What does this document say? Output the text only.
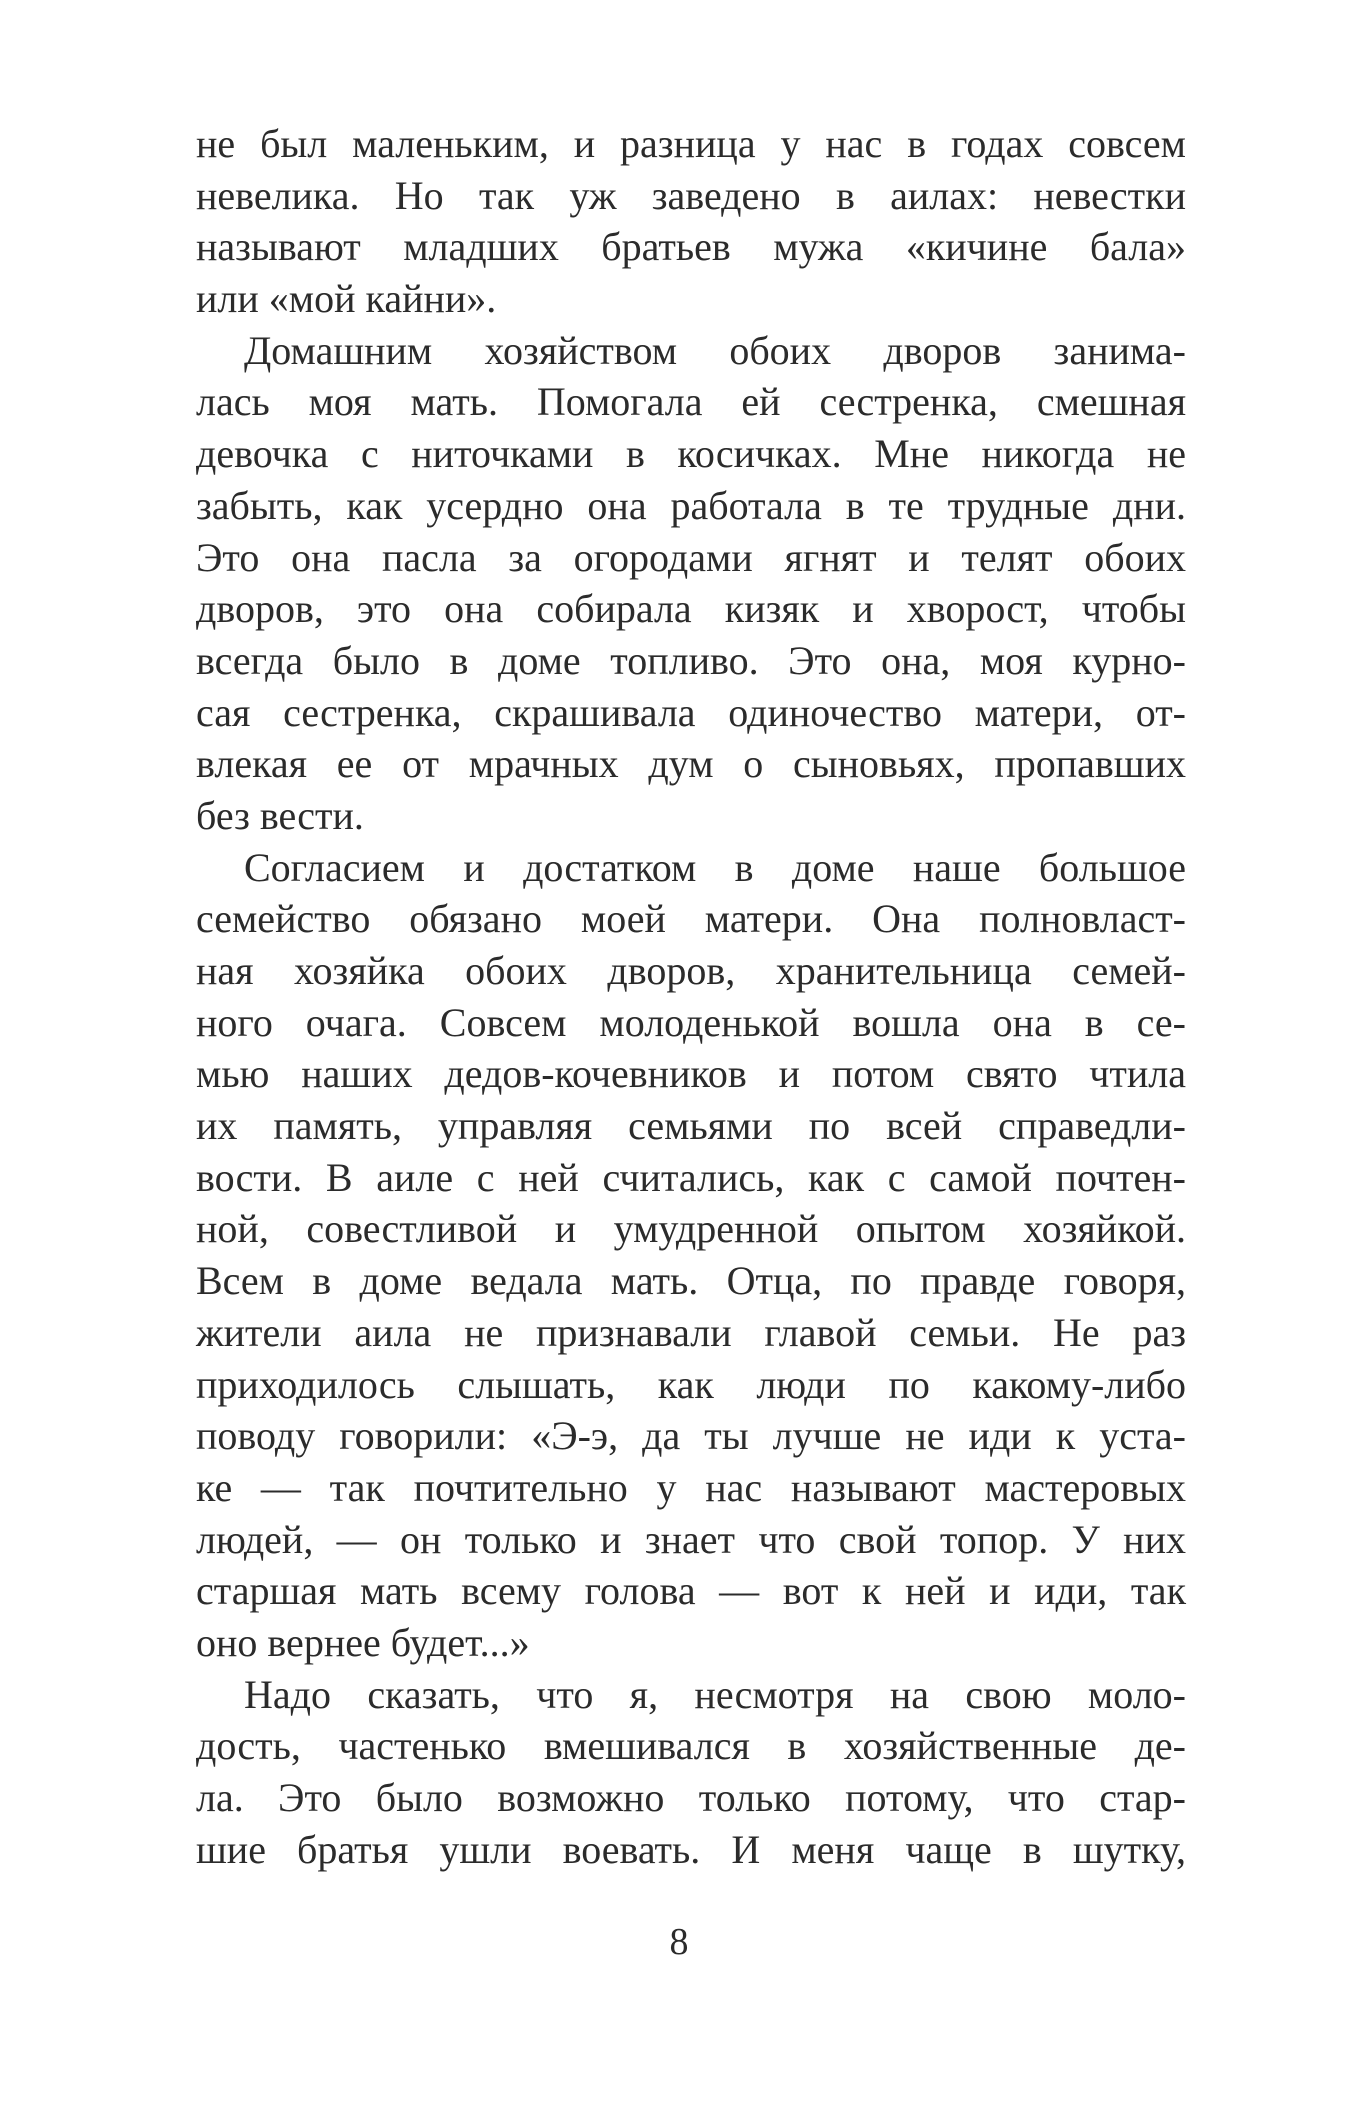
не был маленьким, и разница у нас в годах совсем
невелика. Но так уж заведено в аилах: невестки
называют младших братьев мужа «кичине бала»
или «мой кайни».
Домашним хозяйством обоих дворов занима-
лась моя мать. Помогала ей сестренка, смешная
девочка с ниточками в косичках. Мне никогда не
забыть, как усердно она работала в те трудные дни.
Это она пасла за огородами ягнят и телят обоих
дворов, это она собирала кизяк и хворост, чтобы
всегда было в доме топливо. Это она, моя курно-
сая сестренка, скрашивала одиночество матери, от-
влекая ее от мрачных дум о сыновьях, пропавших
без вести.
Согласием и достатком в доме наше большое
семейство обязано моей матери. Она полновласт-
ная хозяйка обоих дворов, хранительница семей-
ного очага. Совсем молоденькой вошла она в се-
мью наших дедов-кочевников и потом свято чтила
их память, управляя семьями по всей справедли-
вости. В аиле с ней считались, как с самой почтен-
ной, совестливой и умудренной опытом хозяйкой.
Всем в доме ведала мать. Отца, по правде говоря,
жители аила не признавали главой семьи. Не раз
приходилось слышать, как люди по какому-либо
поводу говорили: «Э-э, да ты лучше не иди к уста-
ке — так почтительно у нас называют мастеровых
людей, — он только и знает что свой топор. У них
старшая мать всему голова — вот к ней и иди, так
оно вернее будет...»
Надо сказать, что я, несмотря на свою моло-
дость, частенько вмешивался в хозяйственные де-
ла. Это было возможно только потому, что стар-
шие братья ушли воевать. И меня чаще в шутку,
8
